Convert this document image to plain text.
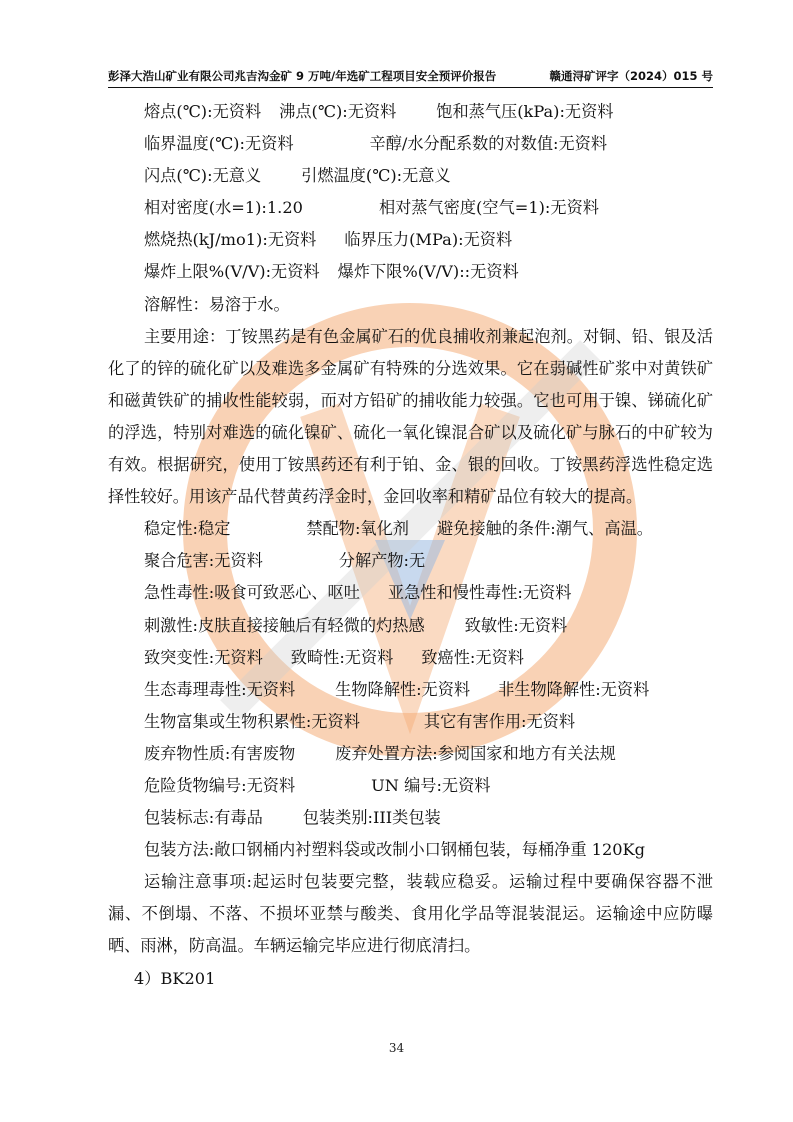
彭泽大浩山矿业有限公司兆吉沟金矿 9 万吨/年选矿工程项目安全预评价报告	赣通浔矿评字（2024）015 号
熔点(℃):无资料 沸点(℃):无资料 饱和蒸气压(kPa):无资料
临界温度(℃):无资料	辛醇/水分配系数的对数值:无资料
闪点(℃):无意义 引燃温度(℃):无意义
相对密度(水=1):1.20	相对蒸气密度(空气=1):无资料
燃烧热(kJ/mo1):无资料 临界压力(MPa):无资料
爆炸上限%(V/V):无资料 爆炸下限%(V/V)::无资料
溶解性：易溶于水。
主要用途：丁铵黑药是有色金属矿石的优良捕收剂兼起泡剂。对铜、铅、银及活化了的锌的硫化矿以及难选多金属矿有特殊的分选效果。它在弱碱性矿浆中对黄铁矿和磁黄铁矿的捕收性能较弱，而对方铅矿的捕收能力较强。它也可用于镍、锑硫化矿的浮选，特别对难选的硫化镍矿、硫化一氧化镍混合矿以及硫化矿与脉石的中矿较为有效。根据研究，使用丁铵黑药还有利于铂、金、银的回收。丁铵黑药浮选性稳定选择性较好。用该产品代替黄药浮金时，金回收率和精矿品位有较大的提高。
稳定性:稳定	禁配物:氧化剂 避免接触的条件:潮气、高温。
聚合危害:无资料	分解产物:无
急性毒性:吸食可致恶心、呕吐 亚急性和慢性毒性:无资料
刺激性:皮肤直接接触后有轻微的灼热感 致敏性:无资料
致突变性:无资料 致畸性:无资料 致癌性:无资料
生态毒理毒性:无资料 生物降解性:无资料 非生物降解性:无资料
生物富集或生物积累性:无资料	其它有害作用:无资料
废弃物性质:有害废物 废弃处置方法:参阅国家和地方有关法规
危险货物编号:无资料	UN 编号:无资料
包装标志:有毒品 包装类别:III类包装
包装方法:敞口钢桶内衬塑料袋或改制小口钢桶包装，每桶净重 120Kg
运输注意事项:起运时包装要完整，装载应稳妥。运输过程中要确保容器不泄漏、不倒塌、不落、不损坏亚禁与酸类、食用化学品等混装混运。运输途中应防曝晒、雨淋，防高温。车辆运输完毕应进行彻底清扫。
4）BK201
34
